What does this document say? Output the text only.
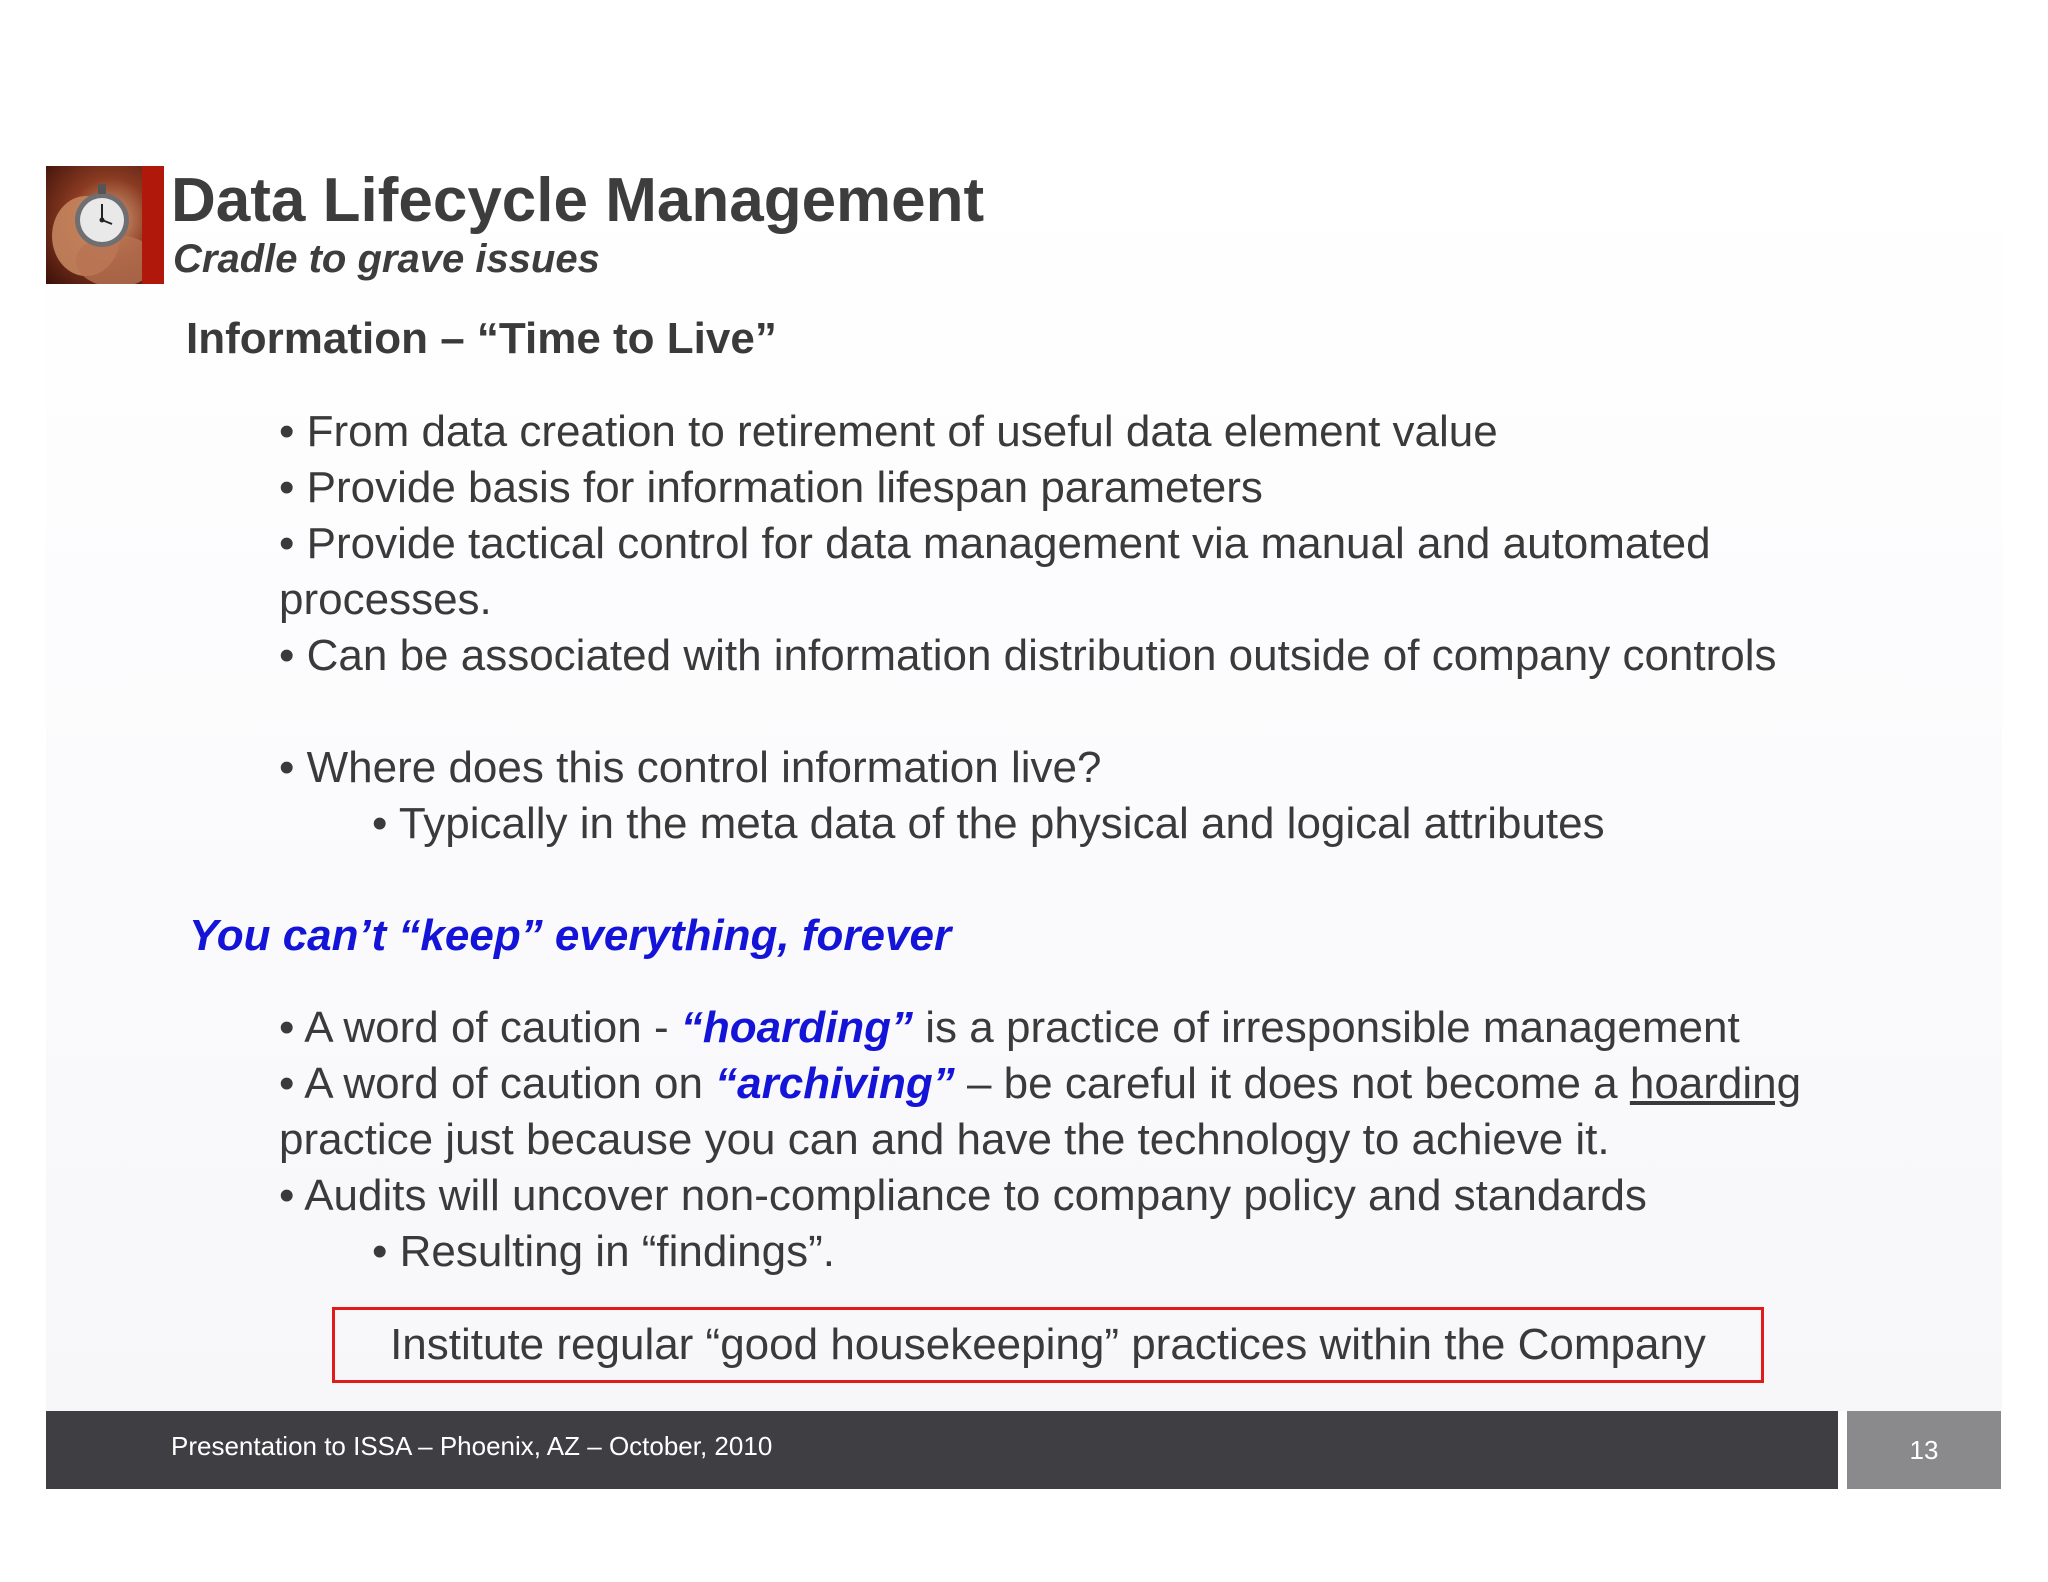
Data Lifecycle Management
Cradle to grave issues
Information – “Time to Live”
• From data creation to retirement of useful data element value
• Provide basis for information lifespan parameters
• Provide tactical control for data management via manual and automated processes.
• Can be associated with information distribution outside of company controls
• Where does this control information live?
• Typically in the meta data of the physical and logical attributes
You can’t “keep” everything, forever
• A word of caution - “hoarding” is a practice of irresponsible management
• A word of caution on “archiving” – be careful it does not become a hoarding practice just because you can and have the technology to achieve it.
• Audits will uncover non-compliance to company policy and standards
• Resulting in “findings”.
Institute regular “good housekeeping” practices within the Company
Presentation to ISSA – Phoenix, AZ – October, 2010	13
